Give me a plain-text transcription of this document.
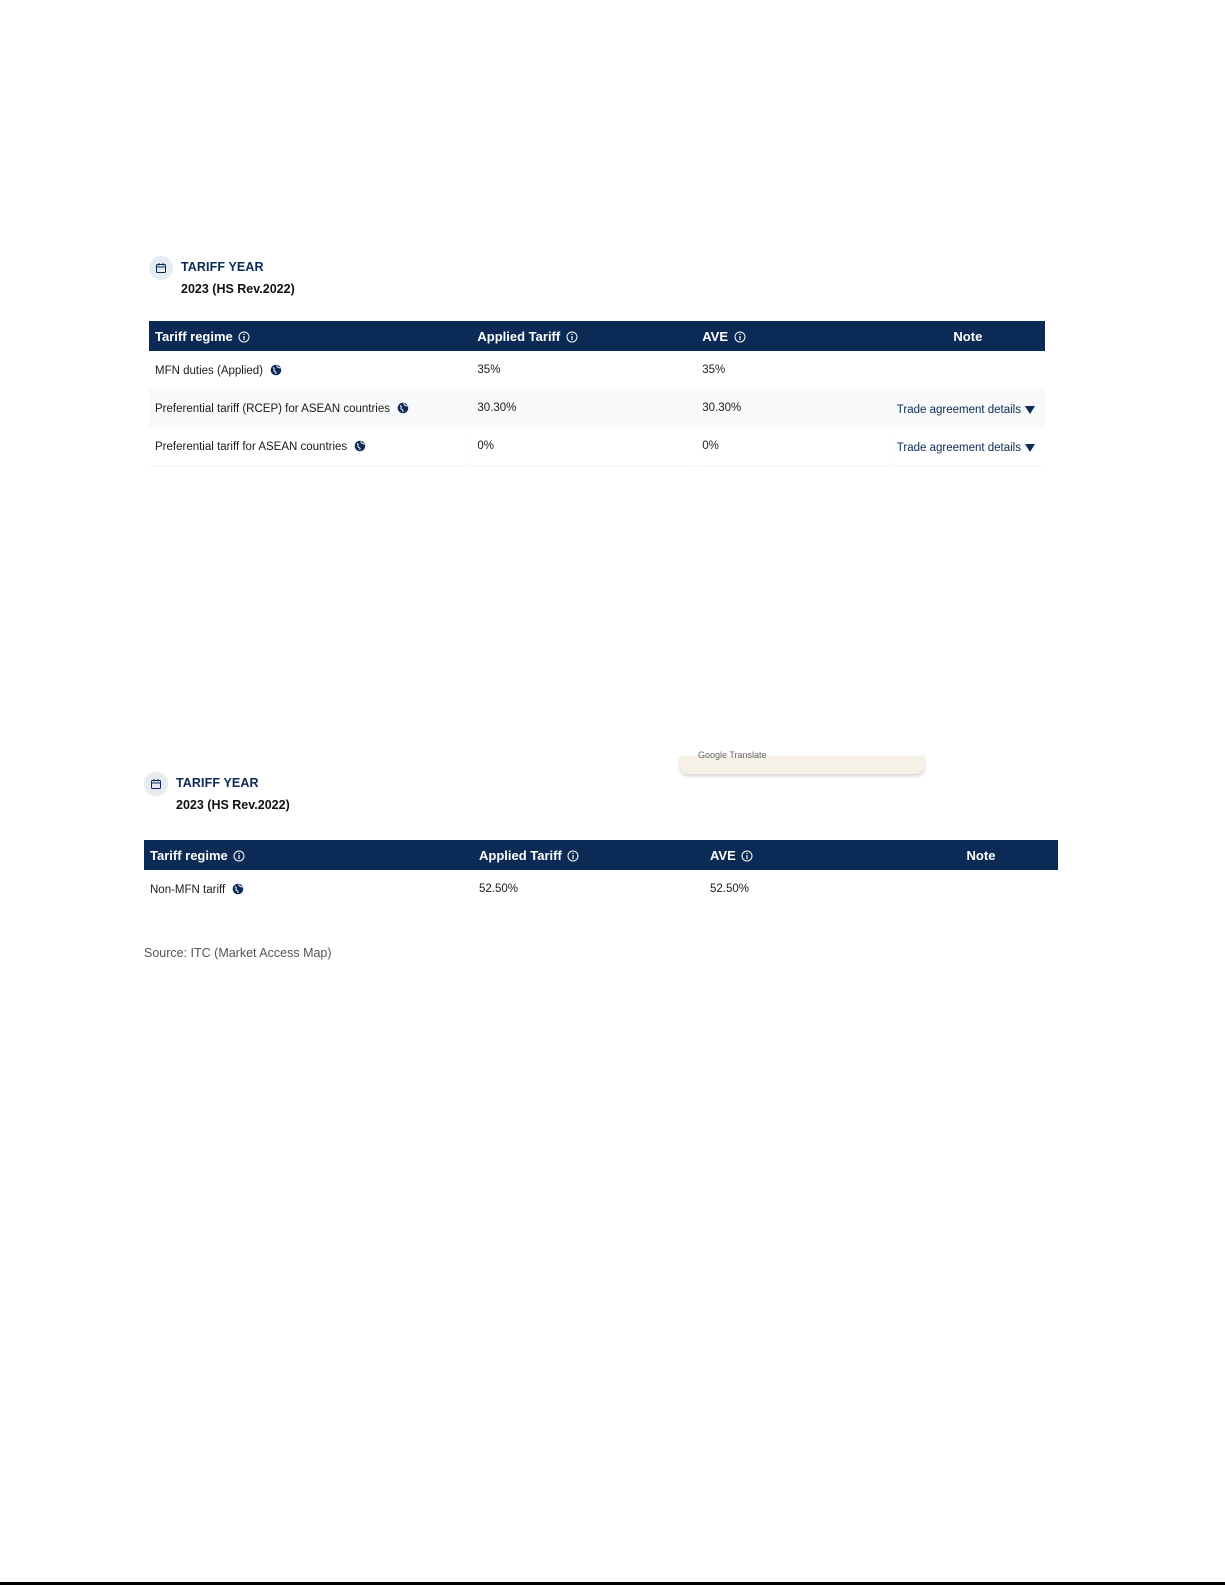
TARIFF YEAR
2023 (HS Rev.2022)
Tariff regime	Applied Tariff	AVE	Note
MFN duties (Applied)	35%	35%	
Preferential tariff (RCEP) for ASEAN countries	30.30%	30.30%	Trade agreement details

Preferential tariff for ASEAN countries	0%	0%	Trade agreement details
Google Translate
TARIFF YEAR
2023 (HS Rev.2022)
Tariff regime	Applied Tariff	AVE	Note
Non-MFN tariff	52.50%	52.50%	
Source: ITC (Market Access Map)
